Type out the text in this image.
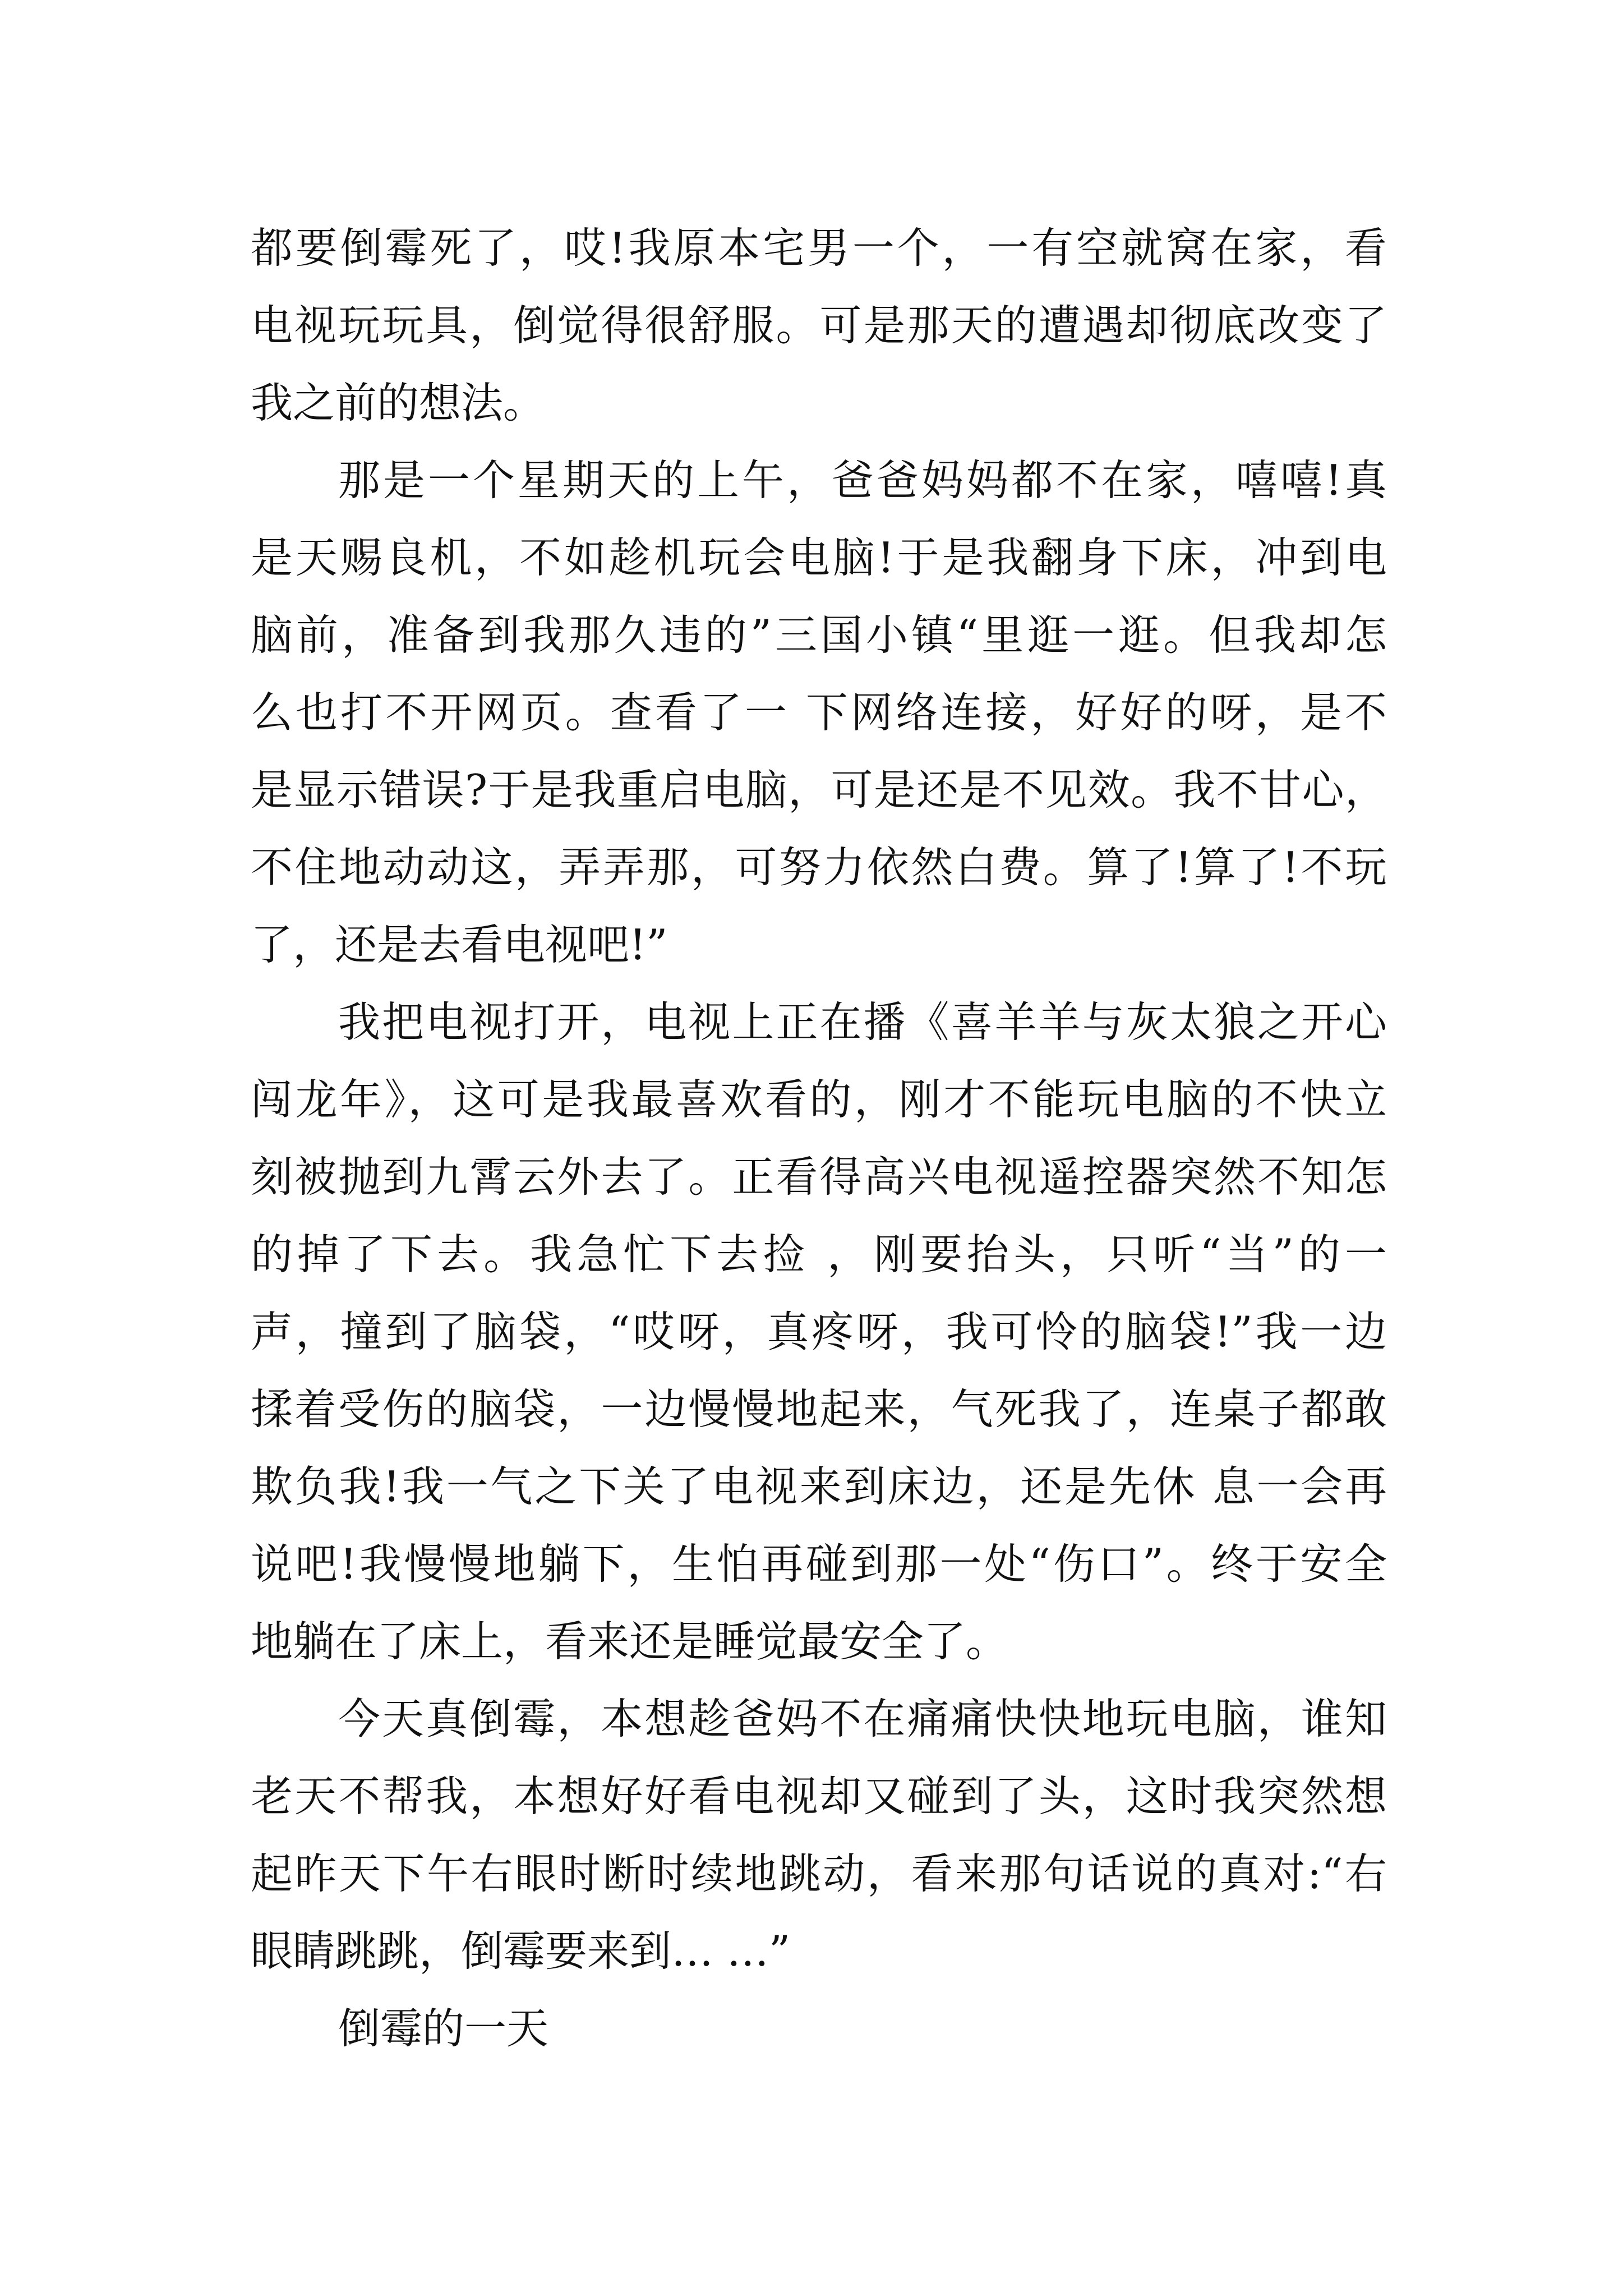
都要倒霉死了，哎!我原本宅男一个，一有空就窝在家，看
电视玩玩具，倒觉得很舒服。可是那天的遭遇却彻底改变了
我之前的想法。
那是一个星期天的上午，爸爸妈妈都不在家，嘻嘻!真
是天赐良机，不如趁机玩会电脑!于是我翻身下床，冲到电
脑前，准备到我那久违的”三国小镇“里逛一逛。但我却怎
么也打不开网页。查看了一 下网络连接，好好的呀，是不
是显示错误?于是我重启电脑，可是还是不见效。我不甘心，
不住地动动这，弄弄那，可努力依然白费。算了!算了!不玩
了，还是去看电视吧!”
我把电视打开，电视上正在播《喜羊羊与灰太狼之开心
闯龙年》，这可是我最喜欢看的，刚才不能玩电脑的不快立
刻被抛到九霄云外去了。正看得高兴电视遥控器突然不知怎
的掉了下去。我急忙下去捡 ，刚要抬头，只听“当”的一
声，撞到了脑袋，“哎呀，真疼呀，我可怜的脑袋!”我一边
揉着受伤的脑袋，一边慢慢地起来，气死我了，连桌子都敢
欺负我!我一气之下关了电视来到床边，还是先休 息一会再
说吧!我慢慢地躺下，生怕再碰到那一处“伤口”。终于安全
地躺在了床上，看来还是睡觉最安全了。
今天真倒霉，本想趁爸妈不在痛痛快快地玩电脑，谁知
老天不帮我，本想好好看电视却又碰到了头，这时我突然想
起昨天下午右眼时断时续地跳动，看来那句话说的真对:“右
眼睛跳跳，倒霉要来到… …”
倒霉的一天
